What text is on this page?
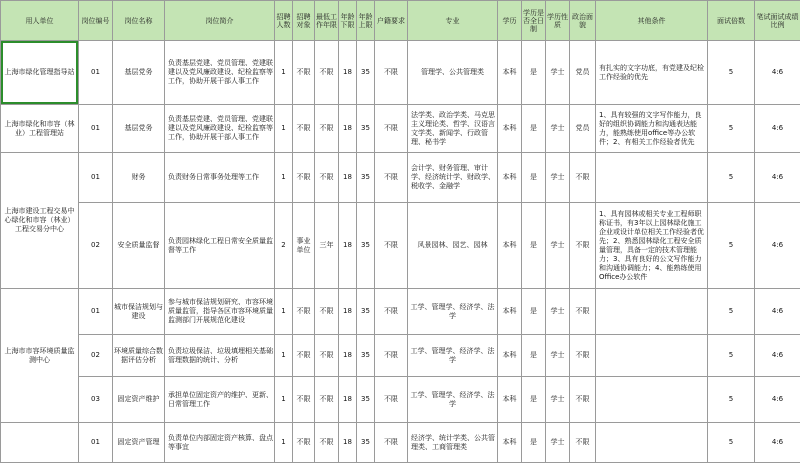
用人单位	岗位编号	岗位名称	岗位简介	招聘人数	招聘对象	最低工作年限	年龄下限	年龄上限	户籍要求	专业	学历	学历是否全日制	学历性质	政治面貌	其他条件	面试倍数	笔试面试成绩比例
上海市绿化管理指导站	01	基层党务	负责基层党建、党员管理、党建联建以及党风廉政建设、纪检监察等工作，协助开展干部人事工作	1	不限	不限	18	35	不限	管理学、公共管理类	本科	是	学士	党员	有扎实的文字功底，有党建及纪检工作经验的优先	5	4:6
上海市绿化和市容（林业）工程管理站	01	基层党务	负责基层党建、党员管理、党建联建以及党风廉政建设、纪检监察等工作，协助开展干部人事工作	1	不限	不限	18	35	不限	法学类、政治学类、马克思主义理论类、哲学、汉语言文学类、新闻学、行政管理、秘书学	本科	是	学士	党员	1、具有较强的文字写作能力，良好的组织协调能力和沟通表达能力，能熟练使用office等办公软件；2、有相关工作经验者优先	5	4:6
上海市建设工程交易中心绿化和市容（林业）工程交易分中心	01	财务	负责财务日常事务处理等工作	1	不限	不限	18	35	不限	会计学、财务管理、审计学、经济统计学、财政学、税收学、金融学	本科	是	学士	不限		5	4:6
	02	安全质量监督	负责园林绿化工程日常安全质量监督等工作	2	事业单位	三年	18	35	不限	风景园林、园艺、园林	本科	是	学士	不限	1、具有园林或相关专业工程师职称证书，有3年以上园林绿化施工企业或设计单位相关工作经验者优先；2、熟悉园林绿化工程安全质量管理，具备一定的技术管理能力；3、具有良好的公文写作能力和沟通协调能力；4、能熟练使用Office办公软件	5	4:6
上海市市容环境质量监测中心	01	城市保洁规划与建设	参与城市保洁规划研究、市容环境质量监管，指导各区市容环境质量监测部门开展规范化建设	1	不限	不限	18	35	不限	工学、管理学、经济学、法学	本科	是	学士	不限		5	4:6
	02	环境质量综合数据评估分析	负责垃圾保洁、垃圾填埋相关基础管理数据的统计、分析	1	不限	不限	18	35	不限	工学、管理学、经济学、法学	本科	是	学士	不限		5	4:6
	03	固定资产维护	承担单位固定资产的维护、更新、日常管理工作	1	不限	不限	18	35	不限	工学、管理学、经济学、法学	本科	是	学士	不限		5	4:6
	01	固定资产管理	负责单位内部固定资产核算、盘点等事宜	1	不限	不限	18	35	不限	经济学、统计学类、公共管理类、工商管理类	本科	是	学士	不限		5	4:6
